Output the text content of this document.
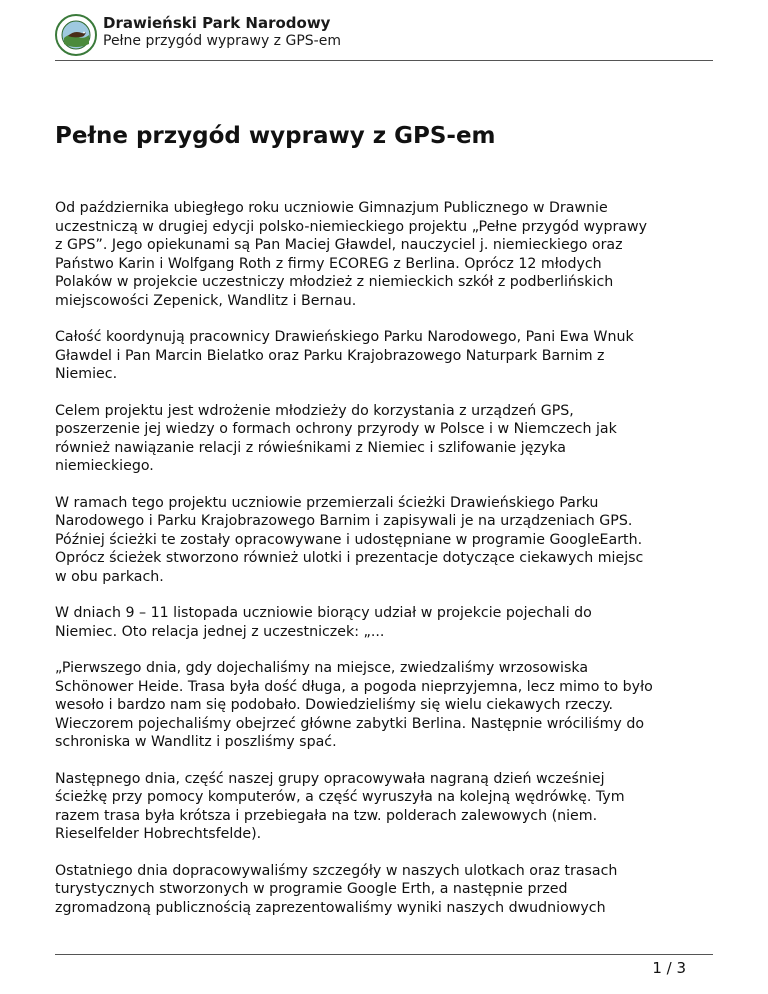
Drawieński Park Narodowy
Pełne przygód wyprawy z GPS-em
Pełne przygód wyprawy z GPS-em

Od października ubiegłego roku uczniowie Gimnazjum Publicznego w Drawnie
uczestniczą w drugiej edycji polsko-niemieckiego projektu „Pełne przygód wyprawy
z GPS”. Jego opiekunami są Pan Maciej Gławdel, nauczyciel j. niemieckiego oraz
Państwo Karin i Wolfgang Roth z firmy ECOREG z Berlina. Oprócz 12 młodych
Polaków w projekcie uczestniczy młodzież z niemieckich szkół z podberlińskich
miejscowości Zepenick, Wandlitz i Bernau.

Całość koordynują pracownicy Drawieńskiego Parku Narodowego, Pani Ewa Wnuk
Gławdel i Pan Marcin Bielatko oraz Parku Krajobrazowego Naturpark Barnim z
Niemiec.

Celem projektu jest wdrożenie młodzieży do korzystania z urządzeń GPS,
poszerzenie jej wiedzy o formach ochrony przyrody w Polsce i w Niemczech jak
również nawiązanie relacji z rówieśnikami z Niemiec i szlifowanie języka
niemieckiego.

W ramach tego projektu uczniowie przemierzali ścieżki Drawieńskiego Parku
Narodowego i Parku Krajobrazowego Barnim i zapisywali je na urządzeniach GPS.
Później ścieżki te zostały opracowywane i udostępniane w programie GoogleEarth.
Oprócz ścieżek stworzono również ulotki i prezentacje dotyczące ciekawych miejsc
w obu parkach.

W dniach 9 – 11 listopada uczniowie biorący udział w projekcie pojechali do
Niemiec. Oto relacja jednej z uczestniczek: „...

„Pierwszego dnia, gdy dojechaliśmy na miejsce, zwiedzaliśmy wrzosowiska
Schönower Heide. Trasa była dość długa, a pogoda nieprzyjemna, lecz mimo to było
wesoło i bardzo nam się podobało. Dowiedzieliśmy się wielu ciekawych rzeczy.
Wieczorem pojechaliśmy obejrzeć główne zabytki Berlina. Następnie wróciliśmy do
schroniska w Wandlitz i poszliśmy spać.

Następnego dnia, część naszej grupy opracowywała nagraną dzień wcześniej
ścieżkę przy pomocy komputerów, a część wyruszyła na kolejną wędrówkę. Tym
razem trasa była krótsza i przebiegała na tzw. polderach zalewowych (niem.
Rieselfelder Hobrechtsfelde).

Ostatniego dnia dopracowywaliśmy szczegóły w naszych ulotkach oraz trasach
turystycznych stworzonych w programie Google Erth, a następnie przed
zgromadzoną publicznością zaprezentowaliśmy wyniki naszych dwudniowych

1 / 3
